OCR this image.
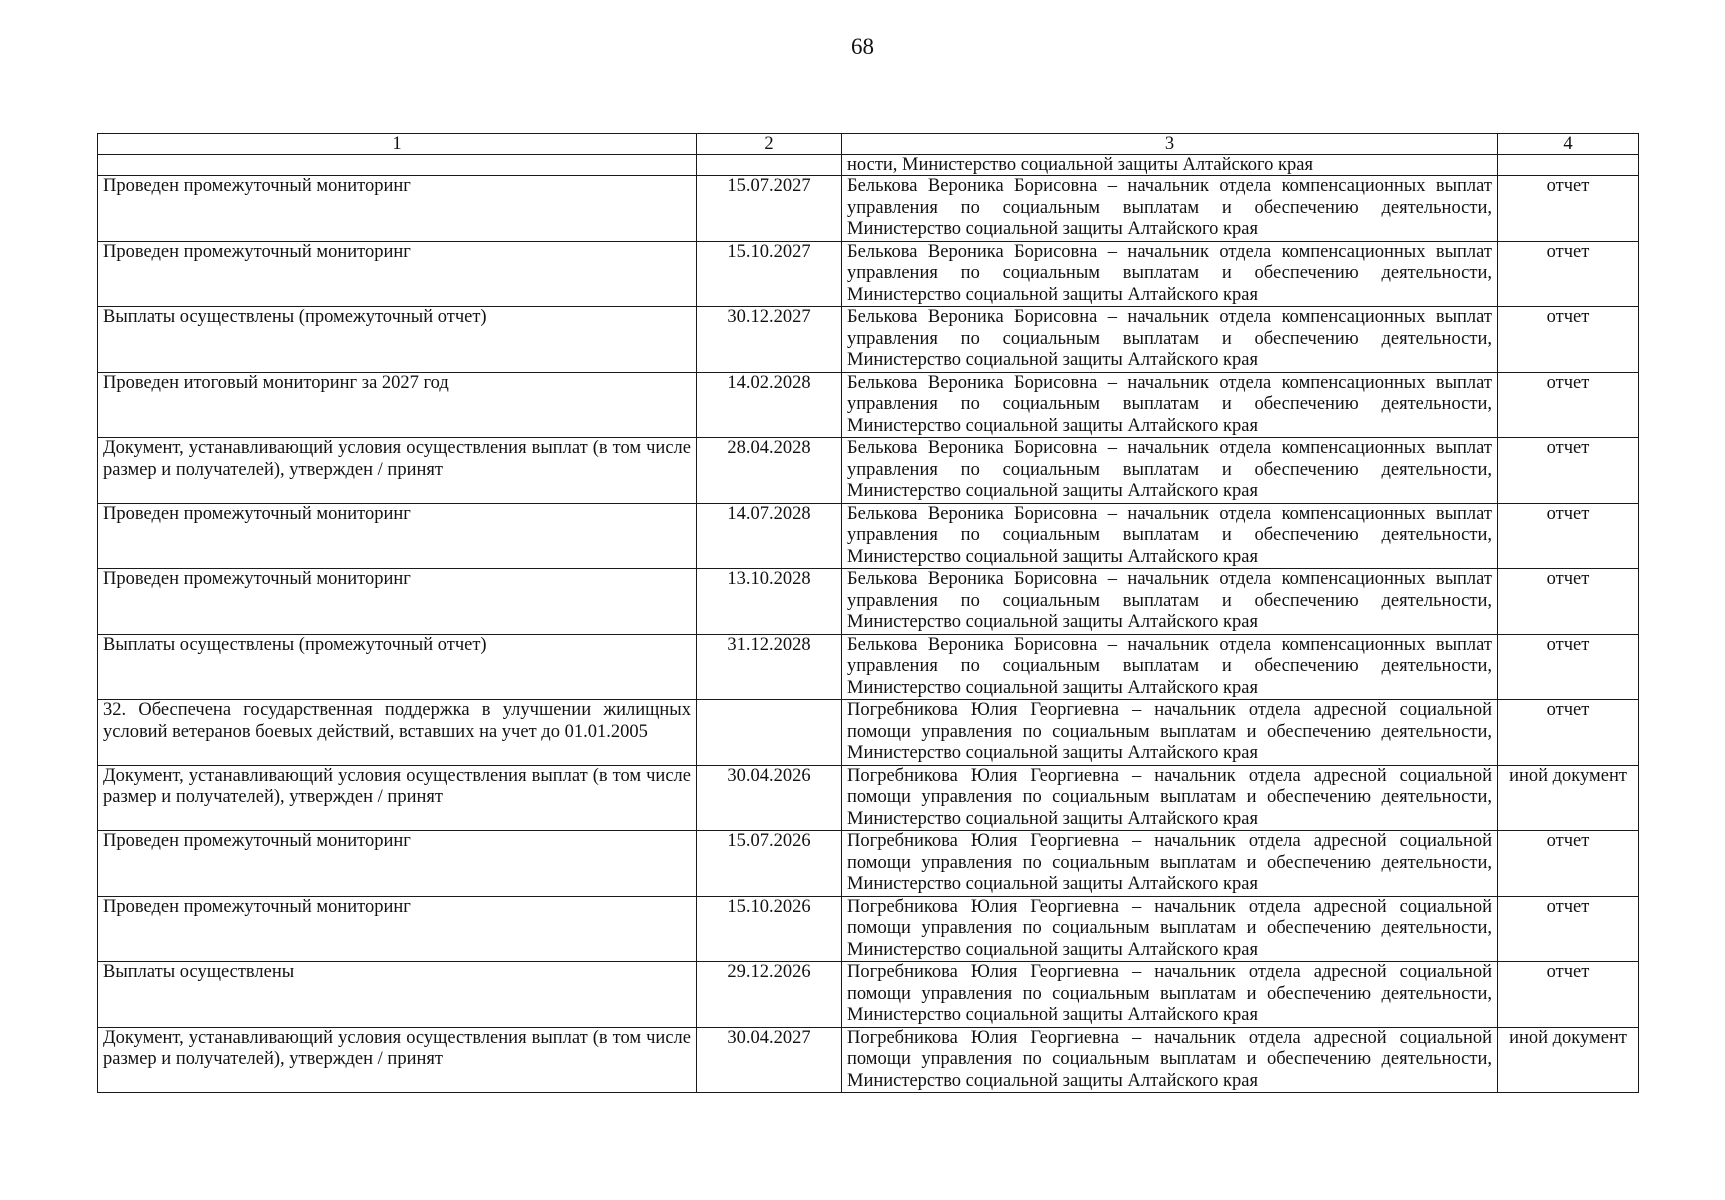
68
1	2	3	4
		ности, Министерство социальной защиты Алтайского края	
Проведен промежуточный мониторинг	15.07.2027	Белькова Вероника Борисовна – начальник отдела компенсационных выплат управления по социальным выплатам и обеспечению деятельности, Министерство социальной защиты Алтайского края	отчет
Проведен промежуточный мониторинг	15.10.2027	Белькова Вероника Борисовна – начальник отдела компенсационных выплат управления по социальным выплатам и обеспечению деятельности, Министерство социальной защиты Алтайского края	отчет
Выплаты осуществлены (промежуточный отчет)	30.12.2027	Белькова Вероника Борисовна – начальник отдела компенсационных выплат управления по социальным выплатам и обеспечению деятельности, Министерство социальной защиты Алтайского края	отчет
Проведен итоговый мониторинг за 2027 год	14.02.2028	Белькова Вероника Борисовна – начальник отдела компенсационных выплат управления по социальным выплатам и обеспечению деятельности, Министерство социальной защиты Алтайского края	отчет
Документ, устанавливающий условия осуществления выплат (в том числе размер и получателей), утвержден / принят	28.04.2028	Белькова Вероника Борисовна – начальник отдела компенсационных выплат управления по социальным выплатам и обеспечению деятельности, Министерство социальной защиты Алтайского края	отчет
Проведен промежуточный мониторинг	14.07.2028	Белькова Вероника Борисовна – начальник отдела компенсационных выплат управления по социальным выплатам и обеспечению деятельности, Министерство социальной защиты Алтайского края	отчет
Проведен промежуточный мониторинг	13.10.2028	Белькова Вероника Борисовна – начальник отдела компенсационных выплат управления по социальным выплатам и обеспечению деятельности, Министерство социальной защиты Алтайского края	отчет
Выплаты осуществлены (промежуточный отчет)	31.12.2028	Белькова Вероника Борисовна – начальник отдела компенсационных выплат управления по социальным выплатам и обеспечению деятельности, Министерство социальной защиты Алтайского края	отчет
32. Обеспечена государственная поддержка в улучшении жилищных условий ветеранов боевых действий, вставших на учет до 01.01.2005		Погребникова Юлия Георгиевна – начальник отдела адресной социальной помощи управления по социальным выплатам и обеспечению деятельности, Министерство социальной защиты Алтайского края	отчет
Документ, устанавливающий условия осуществления выплат (в том числе размер и получателей), утвержден / принят	30.04.2026	Погребникова Юлия Георгиевна – начальник отдела адресной социальной помощи управления по социальным выплатам и обеспечению деятельности, Министерство социальной защиты Алтайского края	иной документ
Проведен промежуточный мониторинг	15.07.2026	Погребникова Юлия Георгиевна – начальник отдела адресной социальной помощи управления по социальным выплатам и обеспечению деятельности, Министерство социальной защиты Алтайского края	отчет
Проведен промежуточный мониторинг	15.10.2026	Погребникова Юлия Георгиевна – начальник отдела адресной социальной помощи управления по социальным выплатам и обеспечению деятельности, Министерство социальной защиты Алтайского края	отчет
Выплаты осуществлены	29.12.2026	Погребникова Юлия Георгиевна – начальник отдела адресной социальной помощи управления по социальным выплатам и обеспечению деятельности, Министерство социальной защиты Алтайского края	отчет
Документ, устанавливающий условия осуществления выплат (в том числе размер и получателей), утвержден / принят	30.04.2027	Погребникова Юлия Георгиевна – начальник отдела адресной социальной помощи управления по социальным выплатам и обеспечению деятельности, Министерство социальной защиты Алтайского края	иной документ
